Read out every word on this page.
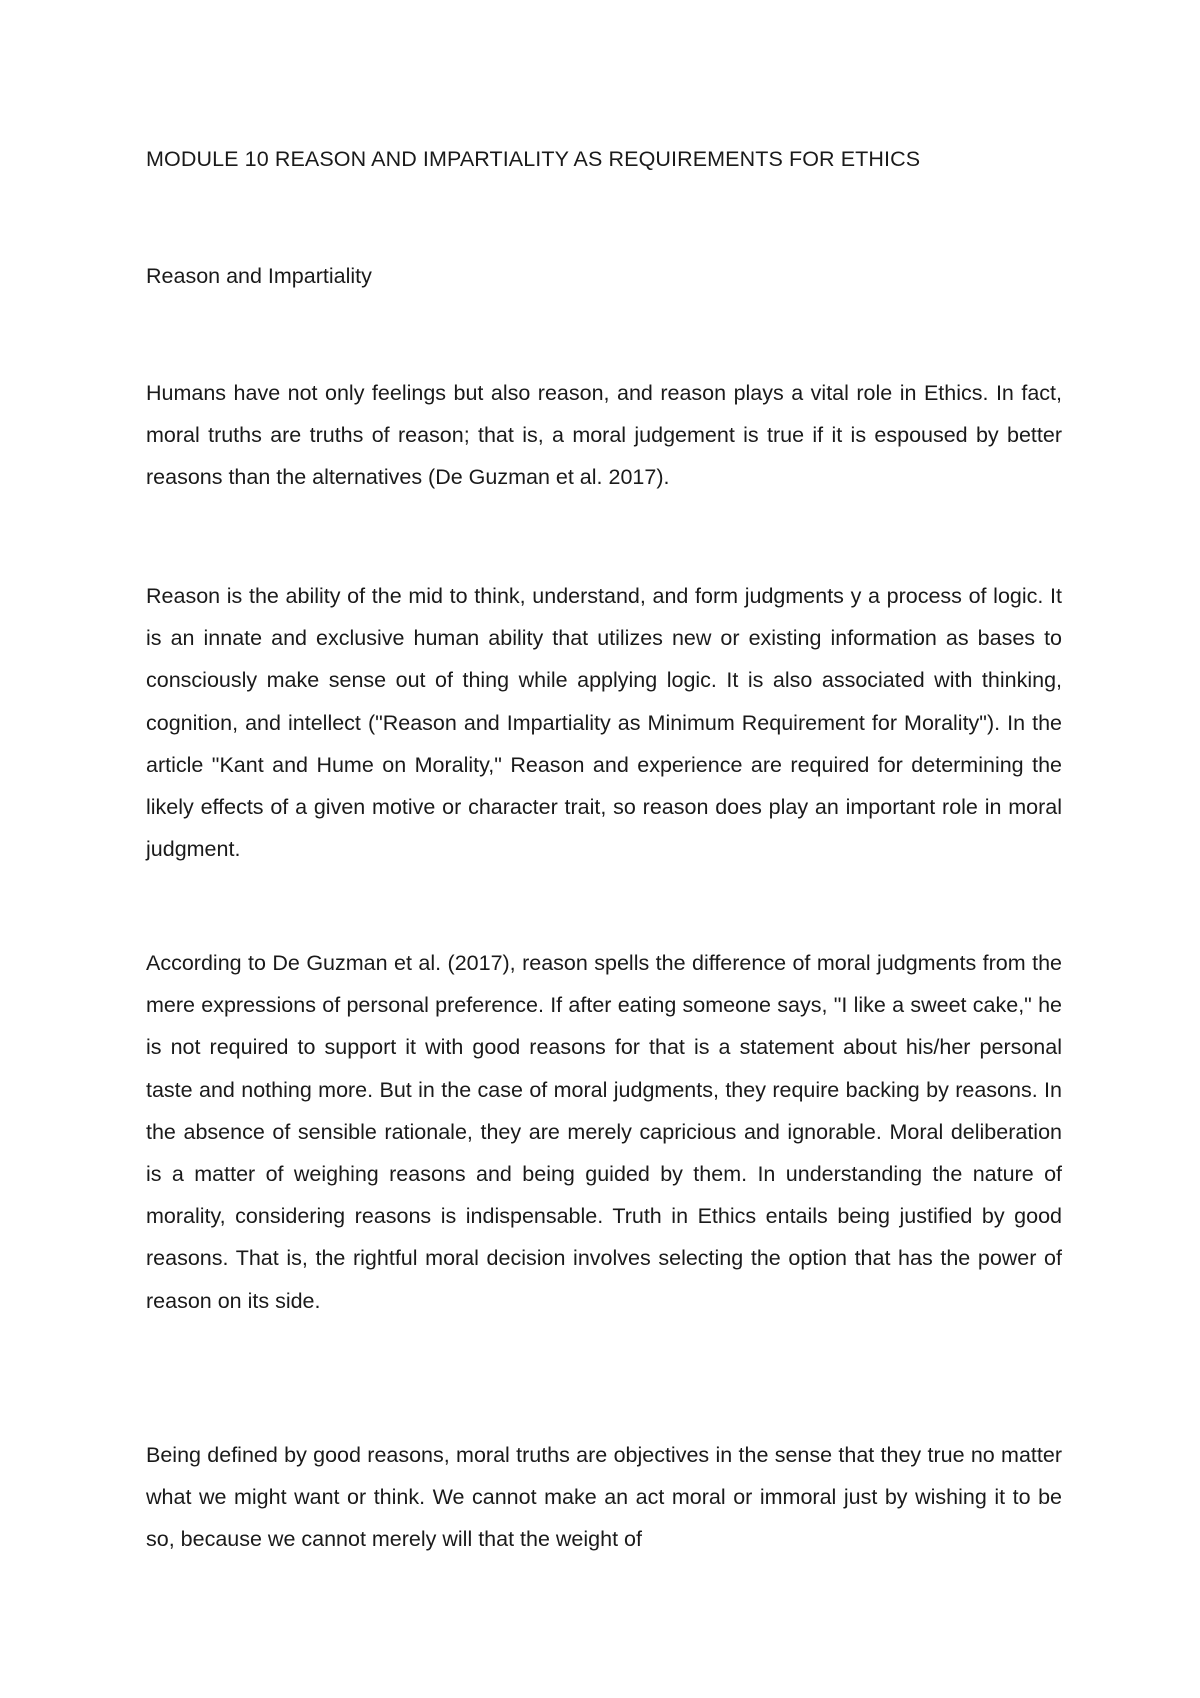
MODULE 10 REASON AND IMPARTIALITY AS REQUIREMENTS FOR ETHICS
Reason and Impartiality

Humans have not only feelings but also reason, and reason plays a vital role in Ethics. In fact, moral truths are truths of reason; that is, a moral judgement is true if it is espoused by better reasons than the alternatives (De Guzman et al. 2017).

Reason is the ability of the mid to think, understand, and form judgments y a process of logic. It is an innate and exclusive human ability that utilizes new or existing information as bases to consciously make sense out of thing while applying logic. It is also associated with thinking, cognition, and intellect ("Reason and Impartiality as Minimum Requirement for Morality"). In the article "Kant and Hume on Morality," Reason and experience are required for determining the likely effects of a given motive or character trait, so reason does play an important role in moral judgment.

According to De Guzman et al. (2017), reason spells the difference of moral judgments from the mere expressions of personal preference. If after eating someone says, "I like a sweet cake," he is not required to support it with good reasons for that is a statement about his/her personal taste and nothing more. But in the case of moral judgments, they require backing by reasons. In the absence of sensible rationale, they are merely capricious and ignorable. Moral deliberation is a matter of weighing reasons and being guided by them. In understanding the nature of morality, considering reasons is indispensable. Truth in Ethics entails being justified by good reasons. That is, the rightful moral decision involves selecting the option that has the power of reason on its side.

Being defined by good reasons, moral truths are objectives in the sense that they true no matter what we might want or think. We cannot make an act moral or immoral just by wishing it to be so, because we cannot merely will that the weight of
